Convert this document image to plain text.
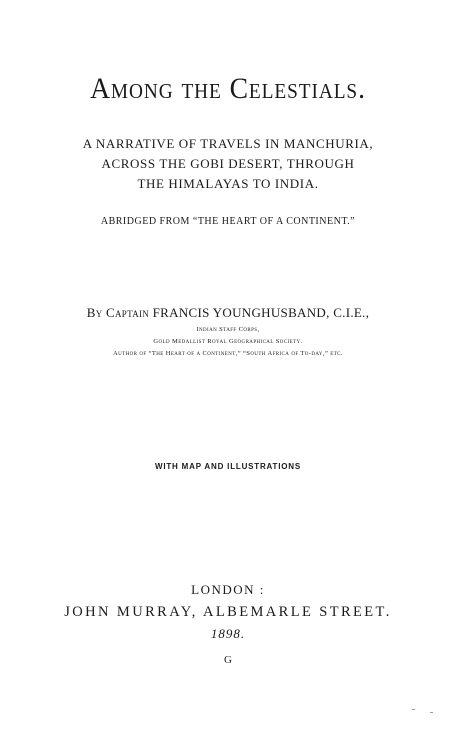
Among the Celestials.
A NARRATIVE OF TRAVELS IN MANCHURIA,
ACROSS THE GOBI DESERT, THROUGH
THE HIMALAYAS TO INDIA.
ABRIDGED FROM “THE HEART OF A CONTINENT.”
By Captain FRANCIS YOUNGHUSBAND, C.I.E.,
Indian Staff Corps,
Gold Medallist Royal Geographical Society.
Author of “The Heart of a Continent,” “South Africa of To-day,” etc.
WITH MAP AND ILLUSTRATIONS
LONDON :
JOHN MURRAY, ALBEMARLE STREET.
1898.
G
